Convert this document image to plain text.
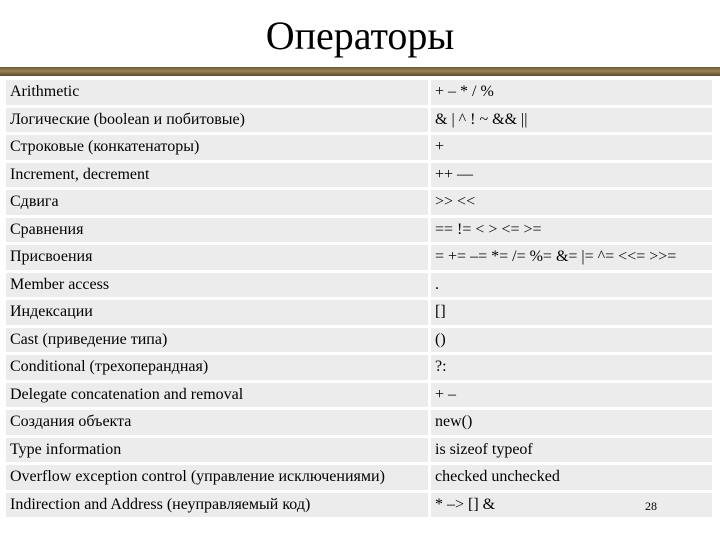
Операторы
Arithmetic	+ – * / %
Логические (boolean и побитовые)	& | ^ ! ~ && ||
Строковые (конкатенаторы)	+
Increment, decrement	++ ––
Сдвига	>> <<
Сравнения	== != < > <= >=
Присвоения	= += –= *= /= %= &= |= ^= <<= >>=
Member access	.
Индексации	[]
Cast (приведение типа)	()
Conditional (трехоперандная)	?:
Delegate concatenation and removal	+ –
Создания объекта	new()
Type information	is sizeof typeof
Overflow exception control (управление исключениями)	checked unchecked
Indirection and Address (неуправляемый код)	* –> [] &	28
